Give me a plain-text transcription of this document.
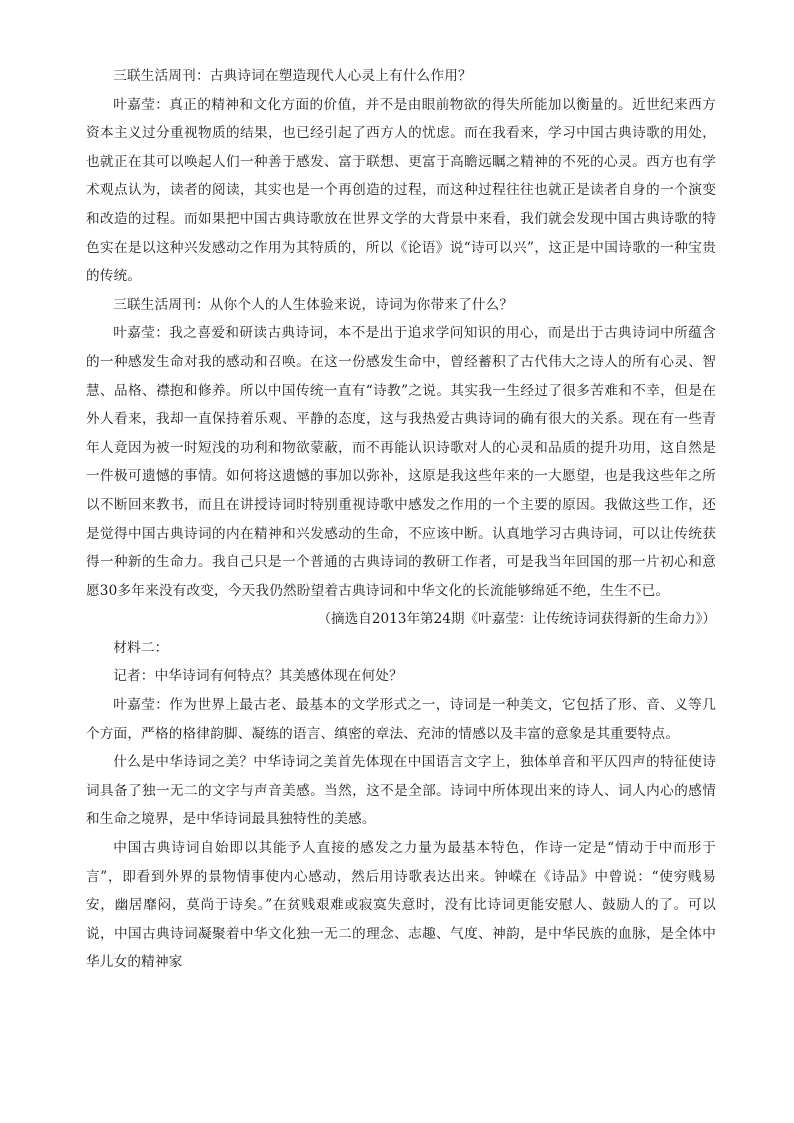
三联生活周刊：古典诗词在塑造现代人心灵上有什么作用？

叶嘉莹：真正的精神和文化方面的价值，并不是由眼前物欲的得失所能加以衡量的。近世纪来西方资本主义过分重视物质的结果，也已经引起了西方人的忧虑。而在我看来，学习中国古典诗歌的用处，也就正在其可以唤起人们一种善于感发、富于联想、更富于高瞻远瞩之精神的不死的心灵。西方也有学术观点认为，读者的阅读，其实也是一个再创造的过程，而这种过程往往也就正是读者自身的一个演变和改造的过程。而如果把中国古典诗歌放在世界文学的大背景中来看，我们就会发现中国古典诗歌的特色实在是以这种兴发感动之作用为其特质的，所以《论语》说“诗可以兴”，这正是中国诗歌的一种宝贵的传统。

三联生活周刊：从你个人的人生体验来说，诗词为你带来了什么？

叶嘉莹：我之喜爱和研读古典诗词，本不是出于追求学问知识的用心，而是出于古典诗词中所蕴含的一种感发生命对我的感动和召唤。在这一份感发生命中，曾经蓄积了古代伟大之诗人的所有心灵、智慧、品格、襟抱和修养。所以中国传统一直有“诗教”之说。其实我一生经过了很多苦难和不幸，但是在外人看来，我却一直保持着乐观、平静的态度，这与我热爱古典诗词的确有很大的关系。现在有一些青年人竟因为被一时短浅的功利和物欲蒙蔽，而不再能认识诗歌对人的心灵和品质的提升功用，这自然是一件极可遗憾的事情。如何将这遗憾的事加以弥补，这原是我这些年来的一大愿望，也是我这些年之所以不断回来教书，而且在讲授诗词时特别重视诗歌中感发之作用的一个主要的原因。我做这些工作，还是觉得中国古典诗词的内在精神和兴发感动的生命，不应该中断。认真地学习古典诗词，可以让传统获得一种新的生命力。我自己只是一个普通的古典诗词的教研工作者，可是我当年回国的那一片初心和意愿30多年来没有改变，今天我仍然盼望着古典诗词和中华文化的长流能够绵延不绝，生生不已。

（摘选自2013年第24期《叶嘉莹：让传统诗词获得新的生命力》）

材料二：

记者：中华诗词有何特点？其美感体现在何处？

叶嘉莹：作为世界上最古老、最基本的文学形式之一，诗词是一种美文，它包括了形、音、义等几个方面，严格的格律韵脚、凝练的语言、缜密的章法、充沛的情感以及丰富的意象是其重要特点。

什么是中华诗词之美？中华诗词之美首先体现在中国语言文字上，独体单音和平仄四声的特征使诗词具备了独一无二的文字与声音美感。当然，这不是全部。诗词中所体现出来的诗人、词人内心的感情和生命之境界，是中华诗词最具独特性的美感。

中国古典诗词自始即以其能予人直接的感发之力量为最基本特色，作诗一定是“情动于中而形于言”，即看到外界的景物情事使内心感动，然后用诗歌表达出来。钟嵘在《诗品》中曾说：“使穷贱易安，幽居靡闷，莫尚于诗矣。”在贫贱艰难或寂寞失意时，没有比诗词更能安慰人、鼓励人的了。可以说，中国古典诗词凝聚着中华文化独一无二的理念、志趣、气度、神韵，是中华民族的血脉，是全体中华儿女的精神家
